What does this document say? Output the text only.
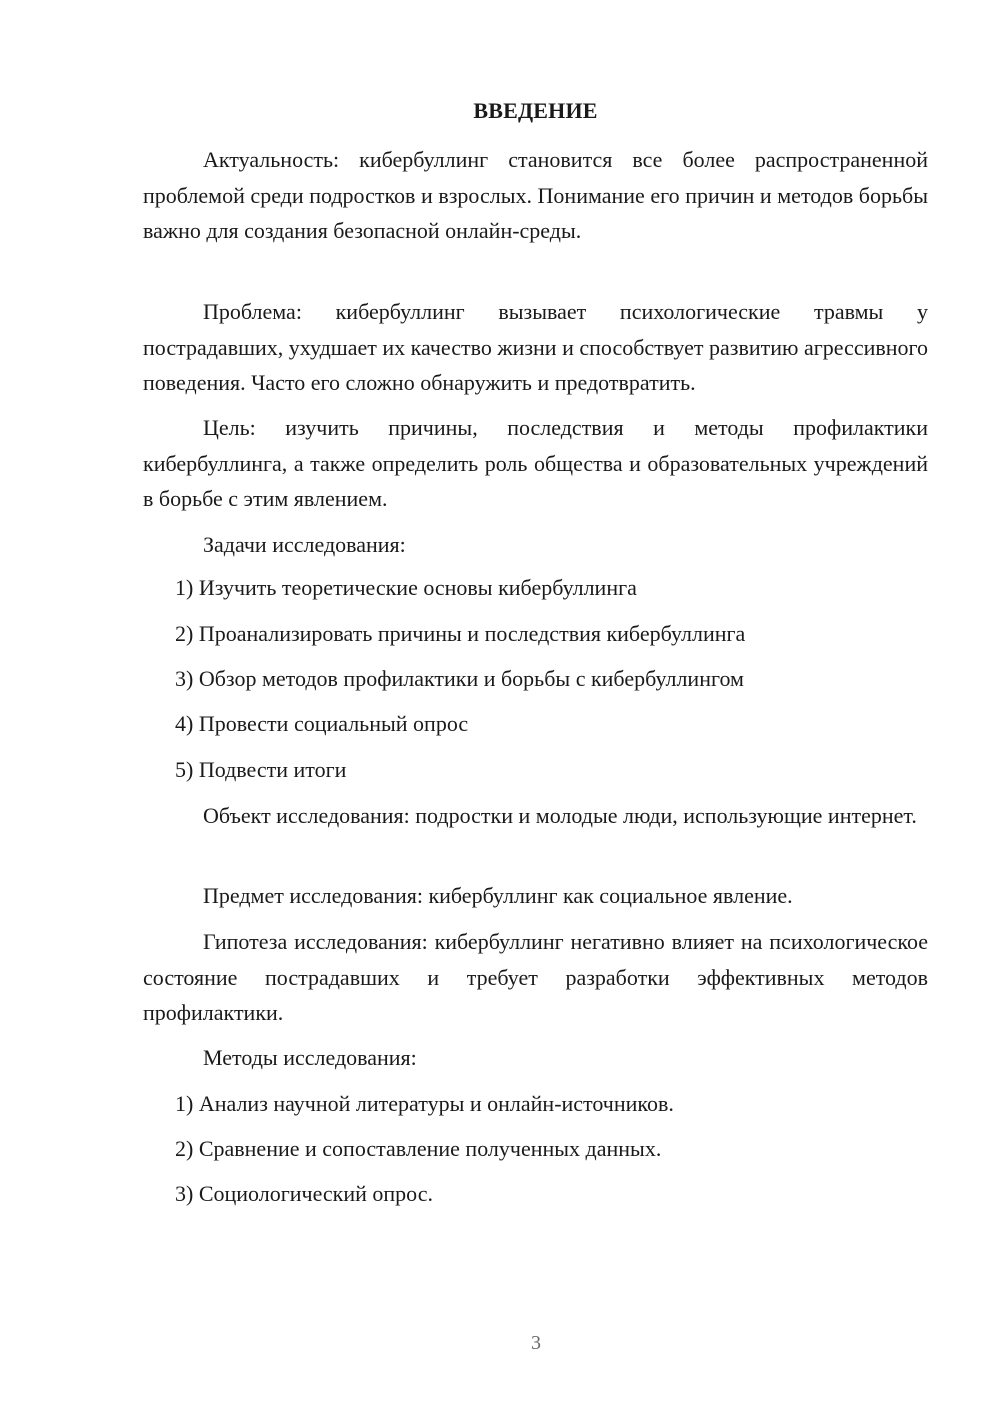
ВВЕДЕНИЕ
Актуальность: кибербуллинг становится все более распространенной проблемой среди подростков и взрослых. Понимание его причин и методов борьбы важно для создания безопасной онлайн-среды.
Проблема: кибербуллинг вызывает психологические травмы у пострадавших, ухудшает их качество жизни и способствует развитию агрессивного поведения. Часто его сложно обнаружить и предотвратить.
Цель: изучить причины, последствия и методы профилактики кибербуллинга, а также определить роль общества и образовательных учреждений в борьбе с этим явлением.
Задачи исследования:
1) Изучить теоретические основы кибербуллинга
2) Проанализировать причины и последствия кибербуллинга
3) Обзор методов профилактики и борьбы с кибербуллингом
4) Провести социальный опрос
5) Подвести итоги
Объект исследования: подростки и молодые люди, использующие интернет.
Предмет исследования: кибербуллинг как социальное явление.
Гипотеза исследования: кибербуллинг негативно влияет на психологическое состояние пострадавших и требует разработки эффективных методов профилактики.
Методы исследования:
1) Анализ научной литературы и онлайн-источников.
2) Сравнение и сопоставление полученных данных.
3) Социологический опрос.
3
